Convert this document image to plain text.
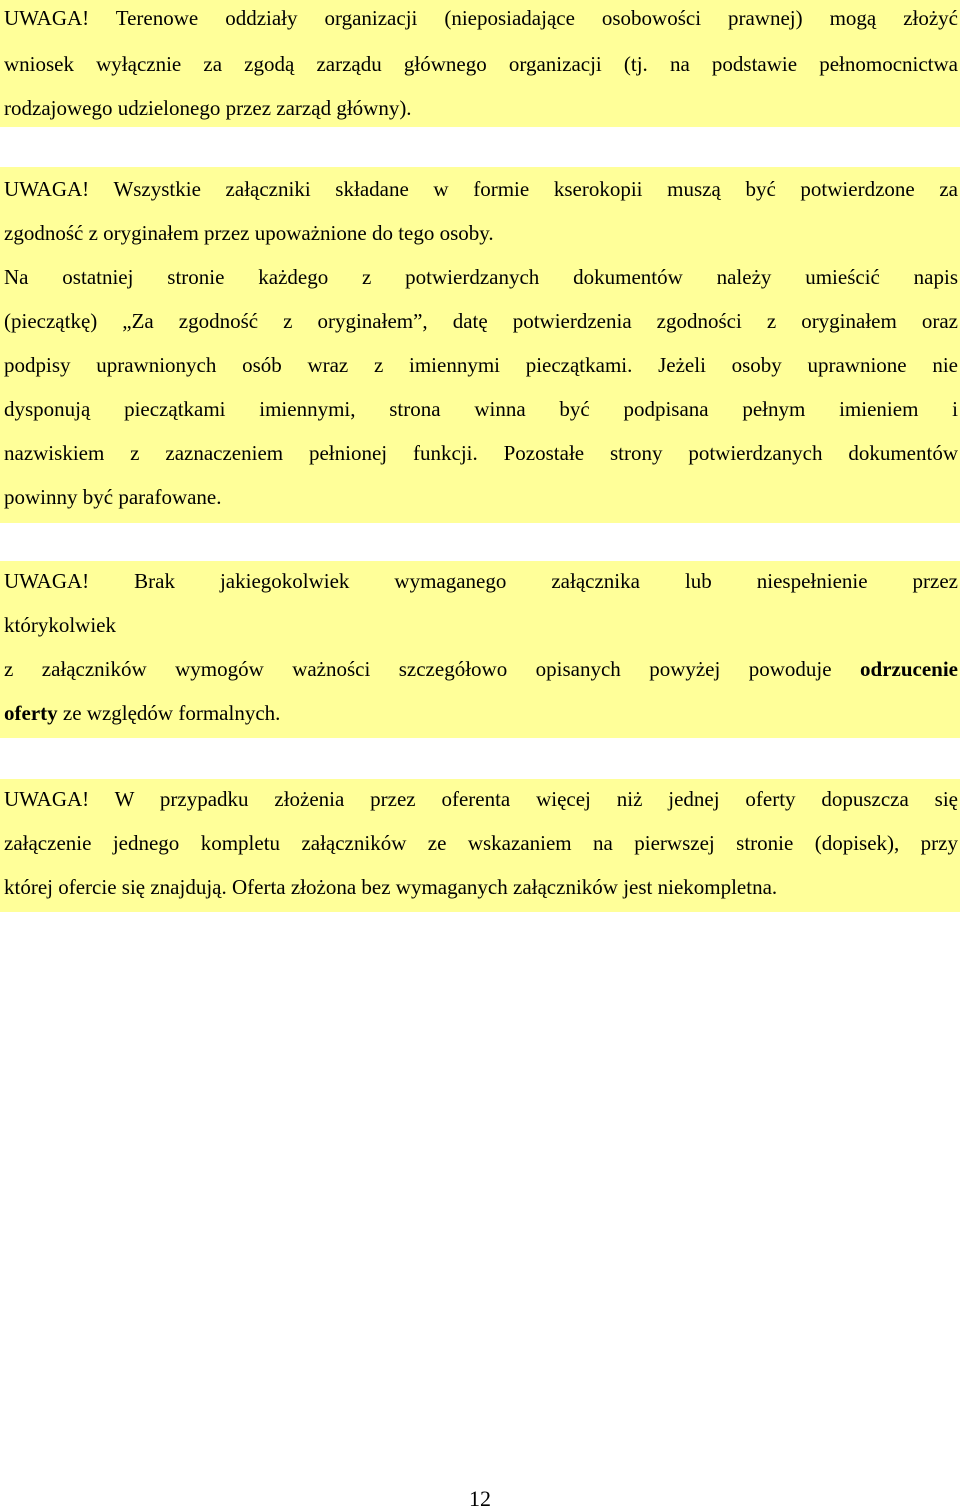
UWAGA! Terenowe oddziały organizacji (nieposiadające osobowości prawnej) mogą złożyć
wniosek wyłącznie za zgodą zarządu głównego organizacji (tj. na podstawie pełnomocnictwa
rodzajowego udzielonego przez zarząd główny).
UWAGA! Wszystkie załączniki składane w formie kserokopii muszą być potwierdzone za
zgodność z oryginałem przez upoważnione do tego osoby.
Na ostatniej stronie każdego z potwierdzanych dokumentów należy umieścić napis
(pieczątkę) „Za zgodność z oryginałem”, datę potwierdzenia zgodności z oryginałem oraz
podpisy uprawnionych osób wraz z imiennymi pieczątkami. Jeżeli osoby uprawnione nie
dysponują pieczątkami imiennymi, strona winna być podpisana pełnym imieniem i
nazwiskiem z zaznaczeniem pełnionej funkcji. Pozostałe strony potwierdzanych dokumentów
powinny być parafowane.
UWAGA! Brak jakiegokolwiek wymaganego załącznika lub niespełnienie przez
którykolwiek
z załączników wymogów ważności szczegółowo opisanych powyżej powoduje odrzucenie
oferty ze względów formalnych.
UWAGA! W przypadku złożenia przez oferenta więcej niż jednej oferty dopuszcza się
załączenie jednego kompletu załączników ze wskazaniem na pierwszej stronie (dopisek), przy
której ofercie się znajdują. Oferta złożona bez wymaganych załączników jest niekompletna.
12
